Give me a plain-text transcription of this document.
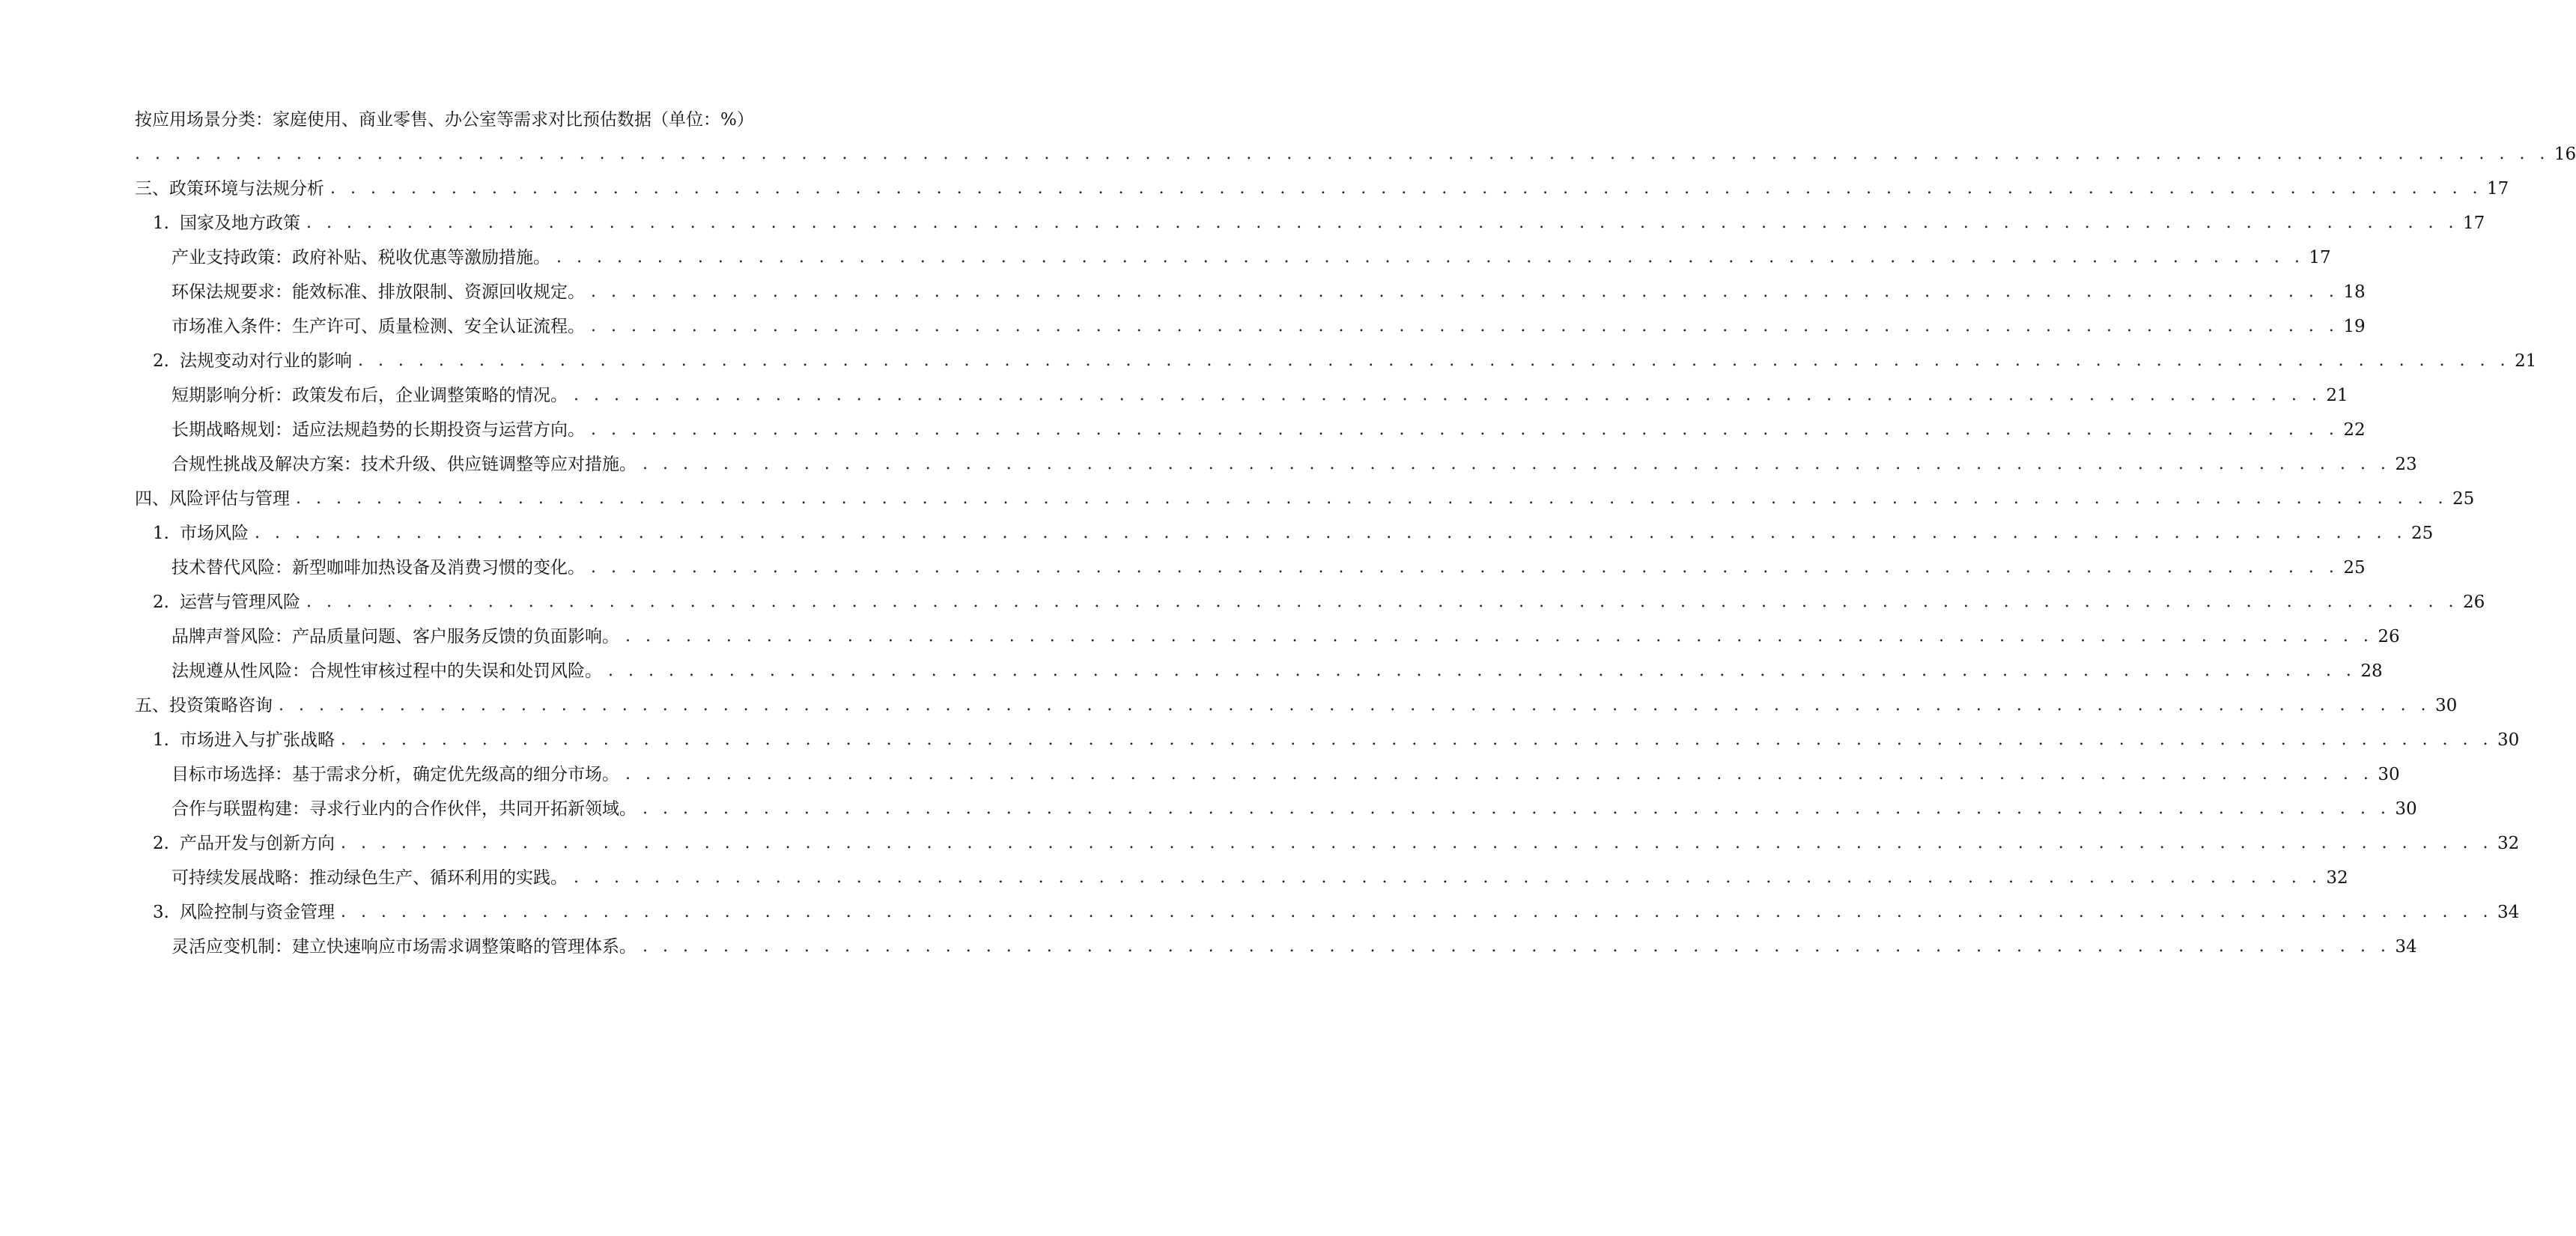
按应用场景分类：家庭使用、商业零售、办公室等需求对比预估数据（单位：%）
. . . . . . . . . . . . . . . . . . . . . . . . . . . . . . . . . . . . . . . . . . . . . . . . . . . . . . . . . . . . . . . . . . . . . . . . . . . . . . . . . . . . . . . . . . . . . . . . . . . . . . . . . . . . . . . . . . . . . . . . 16
三、政策环境与法规分析 . . . . . . . . . . . . . . . . . . . . . . . . . . . . . . . . . . . . . . . . . . . . . . . . . . . . . . . . . . . . . . . . . . . . . . . . . . . . . . . . . . . . . . . . . . . . . . . . . . . . . . . . . . . 17
1. 国家及地方政策 . . . . . . . . . . . . . . . . . . . . . . . . . . . . . . . . . . . . . . . . . . . . . . . . . . . . . . . . . . . . . . . . . . . . . . . . . . . . . . . . . . . . . . . . . . . . . . . . . . . . . . . . . . . 17
产业支持政策：政府补贴、税收优惠等激励措施。 . . . . . . . . . . . . . . . . . . . . . . . . . . . . . . . . . . . . . . . . . . . . . . . . . . . . . . . . . . . . . . . . . . . . . . . . . . . . . . . . . . . . . . . 17
环保法规要求：能效标准、排放限制、资源回收规定。 . . . . . . . . . . . . . . . . . . . . . . . . . . . . . . . . . . . . . . . . . . . . . . . . . . . . . . . . . . . . . . . . . . . . . . . . . . . . . . . . . . . . . . . 18
市场准入条件：生产许可、质量检测、安全认证流程。 . . . . . . . . . . . . . . . . . . . . . . . . . . . . . . . . . . . . . . . . . . . . . . . . . . . . . . . . . . . . . . . . . . . . . . . . . . . . . . . . . . . . . . . 19
2. 法规变动对行业的影响 . . . . . . . . . . . . . . . . . . . . . . . . . . . . . . . . . . . . . . . . . . . . . . . . . . . . . . . . . . . . . . . . . . . . . . . . . . . . . . . . . . . . . . . . . . . . . . . . . . . . . . . . . . . 21
短期影响分析：政策发布后，企业调整策略的情况。 . . . . . . . . . . . . . . . . . . . . . . . . . . . . . . . . . . . . . . . . . . . . . . . . . . . . . . . . . . . . . . . . . . . . . . . . . . . . . . . . . . . . . . . 21
长期战略规划：适应法规趋势的长期投资与运营方向。 . . . . . . . . . . . . . . . . . . . . . . . . . . . . . . . . . . . . . . . . . . . . . . . . . . . . . . . . . . . . . . . . . . . . . . . . . . . . . . . . . . . . . . . 22
合规性挑战及解决方案：技术升级、供应链调整等应对措施。 . . . . . . . . . . . . . . . . . . . . . . . . . . . . . . . . . . . . . . . . . . . . . . . . . . . . . . . . . . . . . . . . . . . . . . . . . . . . . . . . . . . . . . . 23
四、风险评估与管理 . . . . . . . . . . . . . . . . . . . . . . . . . . . . . . . . . . . . . . . . . . . . . . . . . . . . . . . . . . . . . . . . . . . . . . . . . . . . . . . . . . . . . . . . . . . . . . . . . . . . . . . . . . . 25
1. 市场风险 . . . . . . . . . . . . . . . . . . . . . . . . . . . . . . . . . . . . . . . . . . . . . . . . . . . . . . . . . . . . . . . . . . . . . . . . . . . . . . . . . . . . . . . . . . . . . . . . . . . . . . . . . . . 25
技术替代风险：新型咖啡加热设备及消费习惯的变化。 . . . . . . . . . . . . . . . . . . . . . . . . . . . . . . . . . . . . . . . . . . . . . . . . . . . . . . . . . . . . . . . . . . . . . . . . . . . . . . . . . . . . . . . 25
2. 运营与管理风险 . . . . . . . . . . . . . . . . . . . . . . . . . . . . . . . . . . . . . . . . . . . . . . . . . . . . . . . . . . . . . . . . . . . . . . . . . . . . . . . . . . . . . . . . . . . . . . . . . . . . . . . . . . . 26
品牌声誉风险：产品质量问题、客户服务反馈的负面影响。 . . . . . . . . . . . . . . . . . . . . . . . . . . . . . . . . . . . . . . . . . . . . . . . . . . . . . . . . . . . . . . . . . . . . . . . . . . . . . . . . . . . . . . . 26
法规遵从性风险：合规性审核过程中的失误和处罚风险。 . . . . . . . . . . . . . . . . . . . . . . . . . . . . . . . . . . . . . . . . . . . . . . . . . . . . . . . . . . . . . . . . . . . . . . . . . . . . . . . . . . . . . . . 28
五、投资策略咨询 . . . . . . . . . . . . . . . . . . . . . . . . . . . . . . . . . . . . . . . . . . . . . . . . . . . . . . . . . . . . . . . . . . . . . . . . . . . . . . . . . . . . . . . . . . . . . . . . . . . . . . . . . . . 30
1. 市场进入与扩张战略 . . . . . . . . . . . . . . . . . . . . . . . . . . . . . . . . . . . . . . . . . . . . . . . . . . . . . . . . . . . . . . . . . . . . . . . . . . . . . . . . . . . . . . . . . . . . . . . . . . . . . . . . . . . 30
目标市场选择：基于需求分析，确定优先级高的细分市场。 . . . . . . . . . . . . . . . . . . . . . . . . . . . . . . . . . . . . . . . . . . . . . . . . . . . . . . . . . . . . . . . . . . . . . . . . . . . . . . . . . . . . . . . 30
合作与联盟构建：寻求行业内的合作伙伴，共同开拓新领域。 . . . . . . . . . . . . . . . . . . . . . . . . . . . . . . . . . . . . . . . . . . . . . . . . . . . . . . . . . . . . . . . . . . . . . . . . . . . . . . . . . . . . . . . 30
2. 产品开发与创新方向 . . . . . . . . . . . . . . . . . . . . . . . . . . . . . . . . . . . . . . . . . . . . . . . . . . . . . . . . . . . . . . . . . . . . . . . . . . . . . . . . . . . . . . . . . . . . . . . . . . . . . . . . . . . 32
可持续发展战略：推动绿色生产、循环利用的实践。 . . . . . . . . . . . . . . . . . . . . . . . . . . . . . . . . . . . . . . . . . . . . . . . . . . . . . . . . . . . . . . . . . . . . . . . . . . . . . . . . . . . . . . . 32
3. 风险控制与资金管理 . . . . . . . . . . . . . . . . . . . . . . . . . . . . . . . . . . . . . . . . . . . . . . . . . . . . . . . . . . . . . . . . . . . . . . . . . . . . . . . . . . . . . . . . . . . . . . . . . . . . . . . . . . . 34
灵活应变机制：建立快速响应市场需求调整策略的管理体系。 . . . . . . . . . . . . . . . . . . . . . . . . . . . . . . . . . . . . . . . . . . . . . . . . . . . . . . . . . . . . . . . . . . . . . . . . . . . . . . . . . . . . . . . 34
